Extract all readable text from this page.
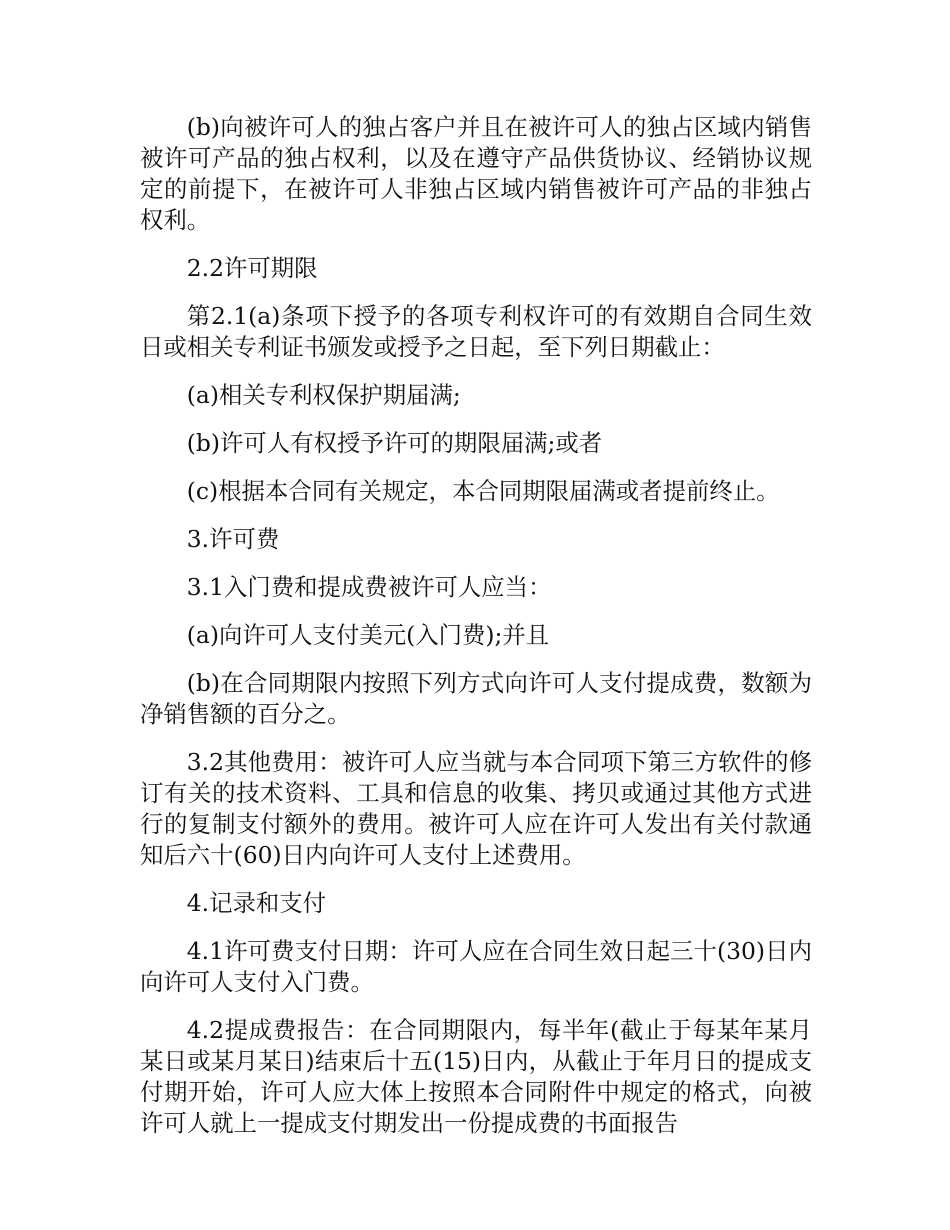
(b)向被许可人的独占客户并且在被许可人的独占区域内销售被许可产品的独占权利，以及在遵守产品供货协议、经销协议规定的前提下，在被许可人非独占区域内销售被许可产品的非独占权利。

2.2许可期限

第2.1(a)条项下授予的各项专利权许可的有效期自合同生效日或相关专利证书颁发或授予之日起，至下列日期截止：

(a)相关专利权保护期届满;

(b)许可人有权授予许可的期限届满;或者

(c)根据本合同有关规定，本合同期限届满或者提前终止。

3.许可费

3.1入门费和提成费被许可人应当：

(a)向许可人支付美元(入门费);并且

(b)在合同期限内按照下列方式向许可人支付提成费，数额为净销售额的百分之。

3.2其他费用：被许可人应当就与本合同项下第三方软件的修订有关的技术资料、工具和信息的收集、拷贝或通过其他方式进行的复制支付额外的费用。被许可人应在许可人发出有关付款通知后六十(60)日内向许可人支付上述费用。

4.记录和支付

4.1许可费支付日期：许可人应在合同生效日起三十(30)日内向许可人支付入门费。

4.2提成费报告：在合同期限内，每半年(截止于每某年某月某日或某月某日)结束后十五(15)日内，从截止于年月日的提成支付期开始，许可人应大体上按照本合同附件中规定的格式，向被许可人就上一提成支付期发出一份提成费的书面报告
